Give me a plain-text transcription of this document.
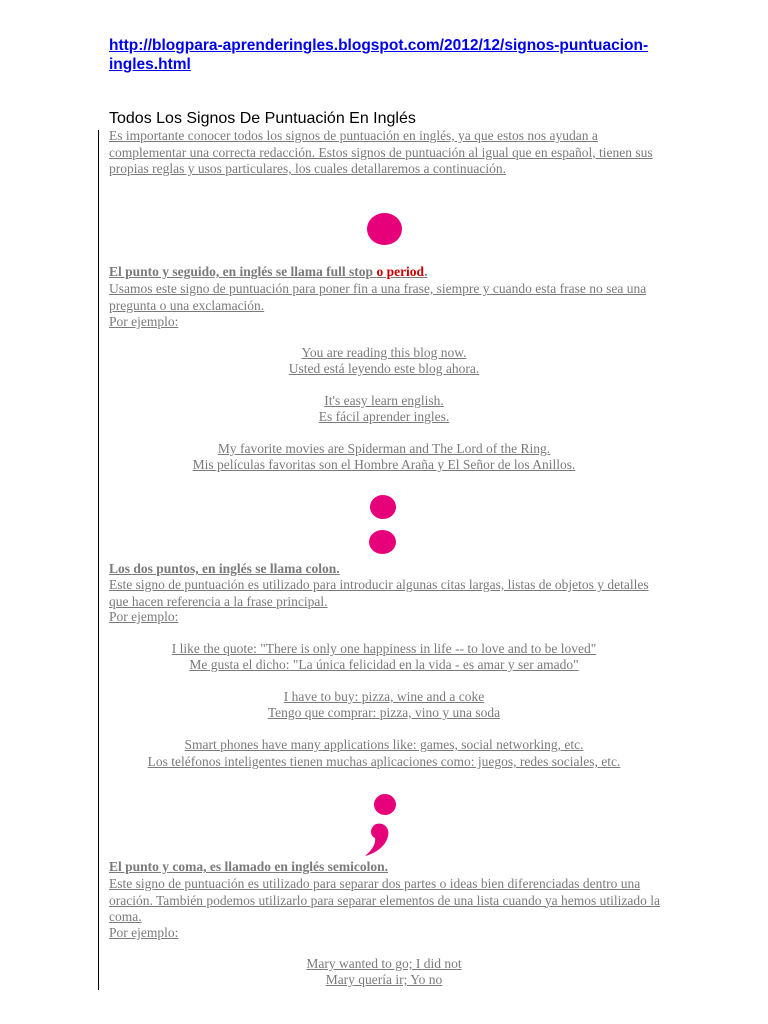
http://blogpara-aprenderingles.blogspot.com/2012/12/signos-puntuacion-ingles.html
Todos Los Signos De Puntuación En Inglés
Es importante conocer todos los signos de puntuación en inglés, ya que estos nos ayudan a complementar una correcta redacción. Estos signos de puntuación al igual que en español, tienen sus propias reglas y usos particulares, los cuales detallaremos a continuación.
El punto y seguido, en inglés se llama full stop o period.
Usamos este signo de puntuación para poner fin a una frase, siempre y cuando esta frase no sea una pregunta o una exclamación.
Por ejemplo:
You are reading this blog now.
Usted está leyendo este blog ahora.
It's easy learn english.
Es fácil aprender ingles.
My favorite movies are Spiderman and The Lord of the Ring.
Mis películas favoritas son el Hombre Araña y El Señor de los Anillos.
Los dos puntos, en inglés se llama colon.
Este signo de puntuación es utilizado para introducir algunas citas largas, listas de objetos y detalles que hacen referencia a la frase principal.
Por ejemplo:
I like the quote: "There is only one happiness in life -- to love and to be loved"
Me gusta el dicho: "La única felicidad en la vida - es amar y ser amado"
I have to buy: pizza, wine and a coke
Tengo que comprar: pizza, vino y una soda
Smart phones have many applications like: games, social networking, etc.
Los teléfonos inteligentes tienen muchas aplicaciones como: juegos, redes sociales, etc.
El punto y coma, es llamado en inglés semicolon.
Este signo de puntuación es utilizado para separar dos partes o ideas bien diferenciadas dentro una oración. También podemos utilizarlo para separar elementos de una lista cuando ya hemos utilizado la coma.
Por ejemplo:
Mary wanted to go; I did not
Mary quería ir; Yo no
